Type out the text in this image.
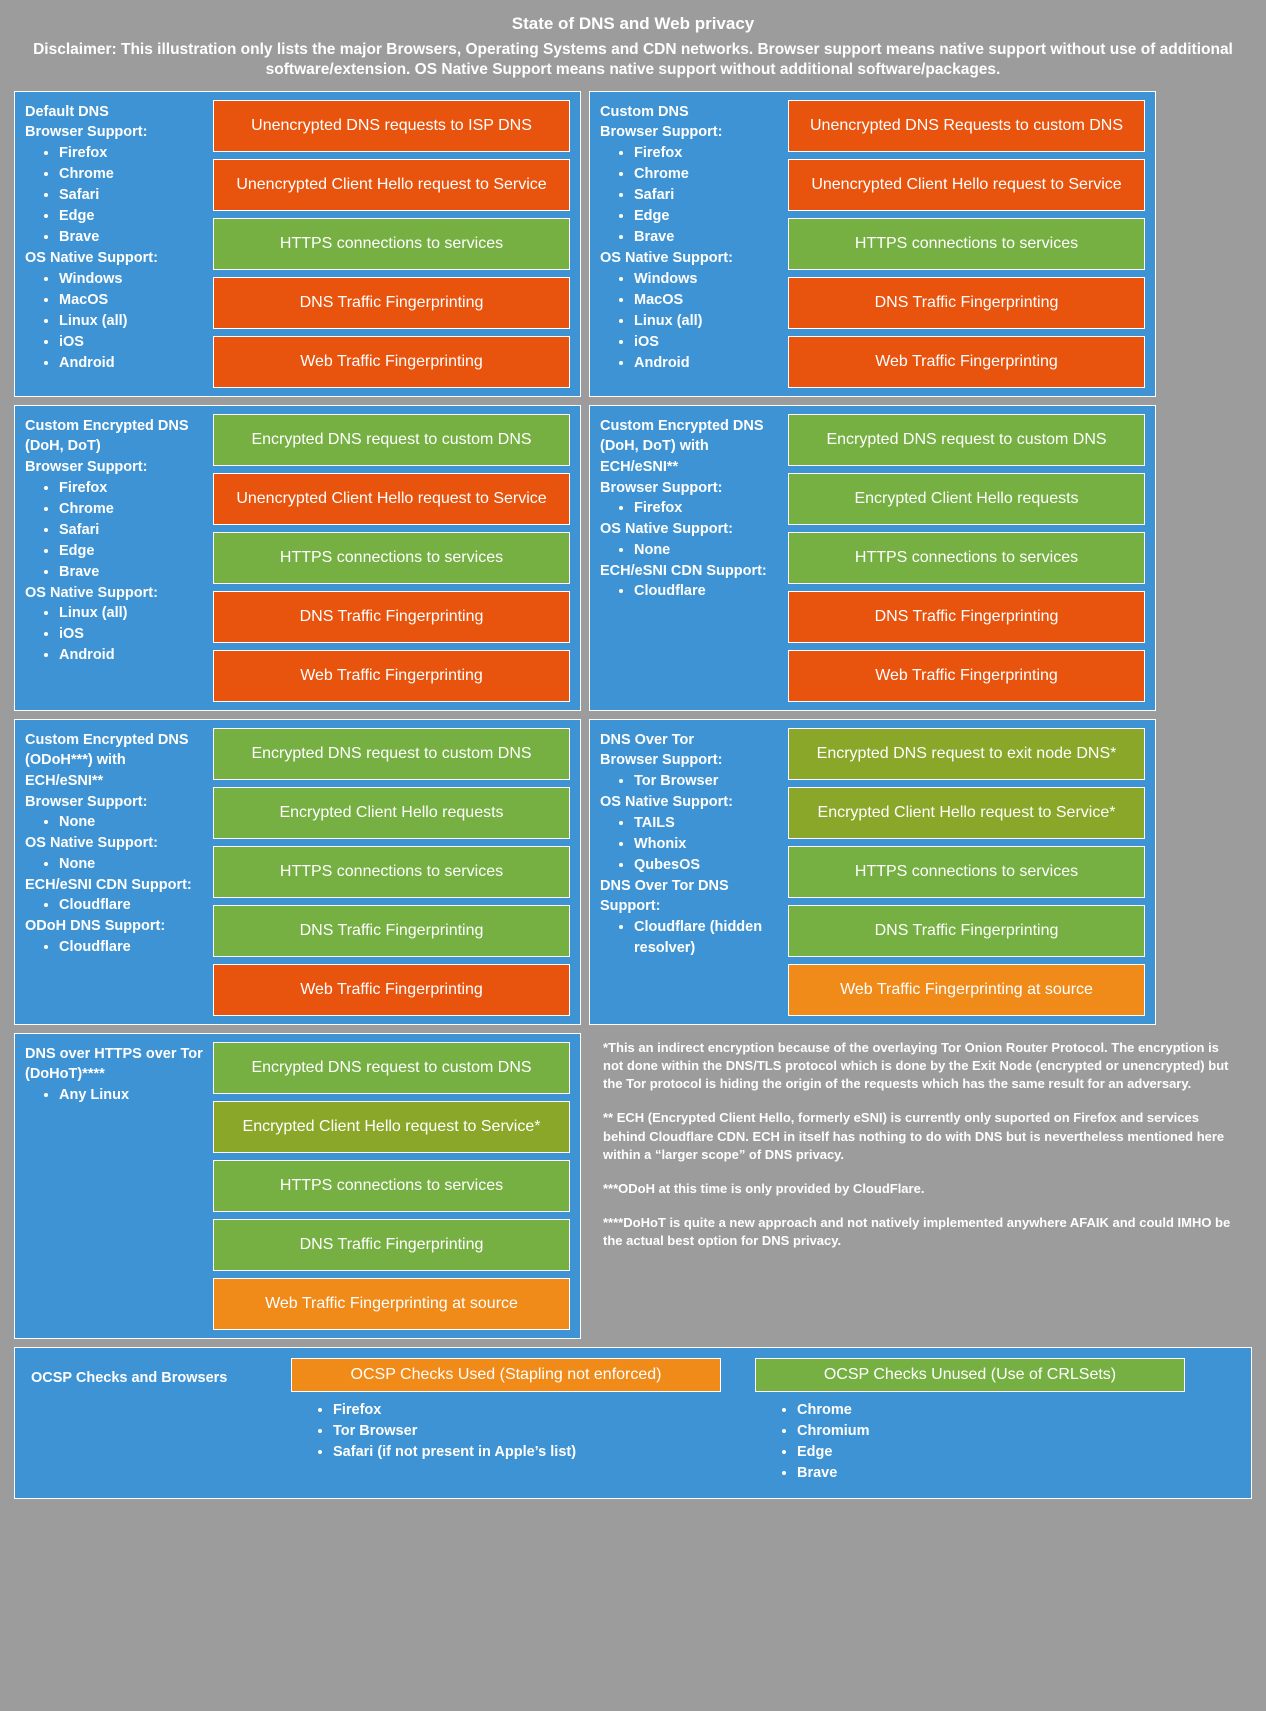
State of DNS and Web privacy
Disclaimer: This illustration only lists the major Browsers, Operating Systems and CDN networks. Browser support means native support without use of additional software/extension. OS Native Support means native support without additional software/packages.
Default DNS
Browser Support:
• Firefox
• Chrome
• Safari
• Edge
• Brave
OS Native Support:
• Windows
• MacOS
• Linux (all)
• iOS
• Android
Unencrypted DNS requests to ISP DNS
Unencrypted Client Hello request to Service
HTTPS connections to services
DNS Traffic Fingerprinting
Web Traffic Fingerprinting
Custom DNS
Browser Support:
• Firefox
• Chrome
• Safari
• Edge
• Brave
OS Native Support:
• Windows
• MacOS
• Linux (all)
• iOS
• Android
Unencrypted DNS Requests to custom DNS
Unencrypted Client Hello request to Service
HTTPS connections to services
DNS Traffic Fingerprinting
Web Traffic Fingerprinting
Custom Encrypted DNS (DoH, DoT)
Browser Support:
• Firefox
• Chrome
• Safari
• Edge
• Brave
OS Native Support:
• Linux (all)
• iOS
• Android
Encrypted DNS request to custom DNS
Unencrypted Client Hello request to Service
HTTPS connections to services
DNS Traffic Fingerprinting
Web Traffic Fingerprinting
Custom Encrypted DNS (DoH, DoT) with ECH/eSNI**
Browser Support:
• Firefox
OS Native Support:
• None
ECH/eSNI CDN Support:
• Cloudflare
Encrypted DNS request to custom DNS
Encrypted Client Hello requests
HTTPS connections to services
DNS Traffic Fingerprinting
Web Traffic Fingerprinting
Custom Encrypted DNS (ODoH***) with ECH/eSNI**
Browser Support:
• None
OS Native Support:
• None
ECH/eSNI CDN Support:
• Cloudflare
ODoH DNS Support:
• Cloudflare
Encrypted DNS request to custom DNS
Encrypted Client Hello requests
HTTPS connections to services
DNS Traffic Fingerprinting
Web Traffic Fingerprinting
DNS Over Tor
Browser Support:
• Tor Browser
OS Native Support:
• TAILS
• Whonix
• QubesOS
DNS Over Tor DNS Support:
• Cloudflare (hidden resolver)
Encrypted DNS request to exit node DNS*
Encrypted Client Hello request to Service*
HTTPS connections to services
DNS Traffic Fingerprinting
Web Traffic Fingerprinting at source
DNS over HTTPS over Tor (DoHoT)****
• Any Linux
Encrypted DNS request to custom DNS
Encrypted Client Hello request to Service*
HTTPS connections to services
DNS Traffic Fingerprinting
Web Traffic Fingerprinting at source

*This an indirect encryption because of the overlaying Tor Onion Router Protocol. The encryption is not done within the DNS/TLS protocol which is done by the Exit Node (encrypted or unencrypted) but the Tor protocol is hiding the origin of the requests which has the same result for an adversary.

** ECH (Encrypted Client Hello, formerly eSNI) is currently only suported on Firefox and services behind Cloudflare CDN. ECH in itself has nothing to do with DNS but is nevertheless mentioned here within a “larger scope” of DNS privacy.

***ODoH at this time is only provided by CloudFlare.

****DoHoT is quite a new approach and not natively implemented anywhere AFAIK and could IMHO be the actual best option for DNS privacy.

OCSP Checks and Browsers	OCSP Checks Used (Stapling not enforced)
• Firefox
• Tor Browser
• Safari (if not present in Apple’s list)
OCSP Checks Unused (Use of CRLSets)
• Chrome
• Chromium
• Edge
• Brave
